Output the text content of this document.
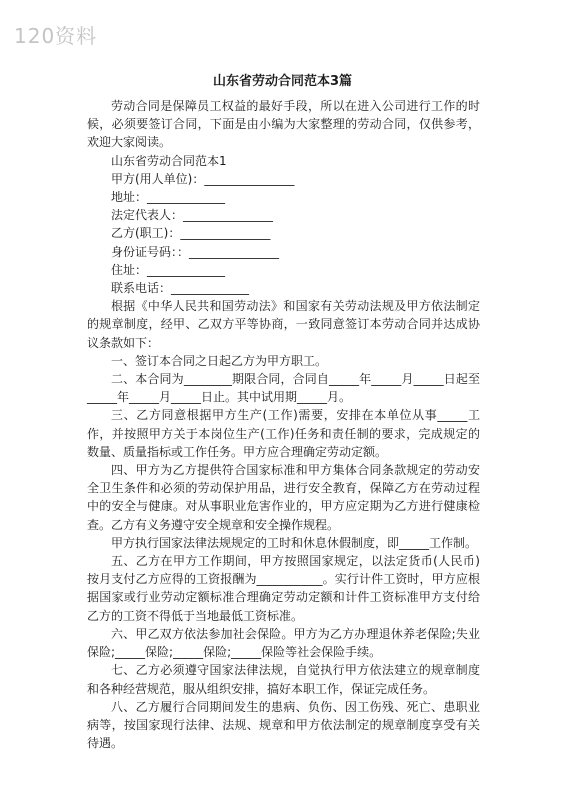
120资料
山东省劳动合同范本3篇

劳动合同是保障员工权益的最好手段，所以在进入公司进行工作的时候，必须要签订合同，下面是由小编为大家整理的劳动合同，仅供参考，欢迎大家阅读。

山东省劳动合同范本1

甲方(用人单位)：_______________

地址：_____________

法定代表人：_______________

乙方(职工)：_______________

身份证号码：：_______________

住址：_____________

联系电话：_____________

根据《中华人民共和国劳动法》和国家有关劳动法规及甲方依法制定的规章制度，经甲、乙双方平等协商，一致同意签订本劳动合同并达成协议条款如下：

一、签订本合同之日起乙方为甲方职工。

二、本合同为________期限合同，合同自_____年_____月_____日起至_____年_____月_____日止。其中试用期_____月。

三、乙方同意根据甲方生产(工作)需要，安排在本单位从事_____工作，并按照甲方关于本岗位生产(工作)任务和责任制的要求，完成规定的数量、质量指标或工作任务。甲方应合理确定劳动定额。

四、甲方为乙方提供符合国家标准和甲方集体合同条款规定的劳动安全卫生条件和必须的劳动保护用品，进行安全教育，保障乙方在劳动过程中的安全与健康。对从事职业危害作业的，甲方应定期为乙方进行健康检查。乙方有义务遵守安全规章和安全操作规程。

甲方执行国家法律法规规定的工时和休息休假制度，即_____工作制。

五、乙方在甲方工作期间，甲方按照国家规定，以法定货币(人民币)按月支付乙方应得的工资报酬为___________。实行计件工资时，甲方应根据国家或行业劳动定额标准合理确定劳动定额和计件工资标准甲方支付给乙方的工资不得低于当地最低工资标准。

六、甲乙双方依法参加社会保险。甲方为乙方办理退休养老保险;失业保险;_____保险;_____保险;_____保险等社会保险手续。

七、乙方必须遵守国家法律法规，自觉执行甲方依法建立的规章制度和各种经营规范，服从组织安排，搞好本职工作，保证完成任务。

八、乙方履行合同期间发生的患病、负伤、因工伤残、死亡、患职业病等，按国家现行法律、法规、规章和甲方依法制定的规章制度享受有关待遇。
